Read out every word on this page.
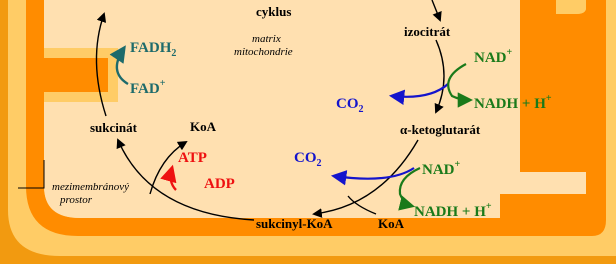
cyklus
matrix
mitochondrie
izocitrát
α-ketoglutarát
sukcinyl-KoA
sukcinát	KoA
KoA
mezimembránový
prostor
$FADH_2$
FAD+
NAD+
NADH + H+
$CO_2$
NAD+
NADH + H+
$CO_2$
ATP
ADP
